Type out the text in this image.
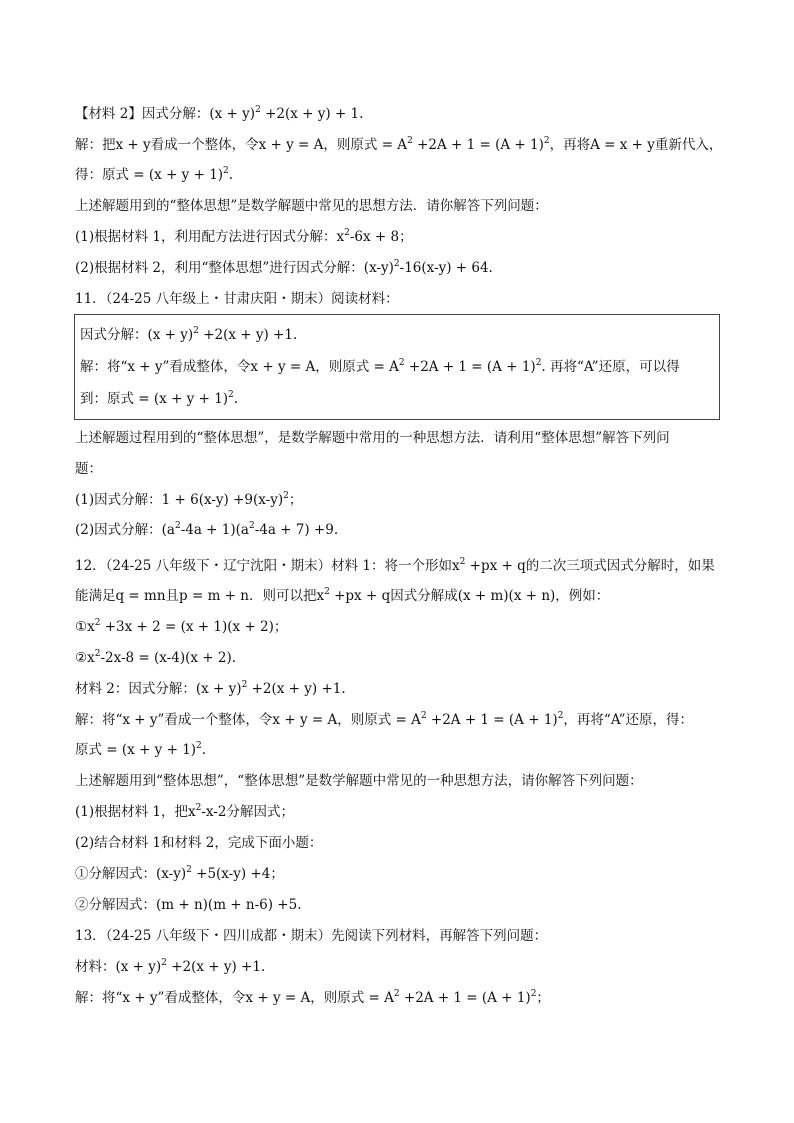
【材料 2】因式分解：$(x + y)^2 +2(x + y) + 1$.
解：把x + y看成一个整体，令x + y = A，则原式 = $A^2 +2A + 1 = (A + 1)^2$，再将A = x + y重新代入，
得：原式 = $(x + y + 1)^2$.
上述解题用到的“整体思想”是数学解题中常见的思想方法．请你解答下列问题：
(1)根据材料 1，利用配方法进行因式分解：$x^2-6x + 8$；
(2)根据材料 2，利用“整体思想”进行因式分解：$(x-y)^2-16(x-y) + 64$.
11．（24-25 八年级上・甘肃庆阳・期末）阅读材料：
因式分解：$(x + y)^2 +2(x + y) +1$.
解：将“x + y”看成整体，令x + y = A，则原式 = $A^2 +2A + 1 = (A + 1)^2$. 再将“A”还原，可以得
到：原式 = $(x + y + 1)^2$.
上述解题过程用到的“整体思想”，是数学解题中常用的一种思想方法．请利用“整体思想”解答下列问
题：
(1)因式分解：$1 + 6(x-y) +9(x-y)^2$；
(2)因式分解：$(a^2-4a + 1)(a^2-4a + 7) +9$.
12．（24-25 八年级下・辽宁沈阳・期末）材料 1：将一个形如$x^2 +px + q$的二次三项式因式分解时，如果
能满足q = mn且p = m + n．则可以把$x^2 +px + q$因式分解成(x + m)(x + n)，例如：
$①x^2 +3x + 2 = (x + 1)(x + 2)$；
$②x^2-2x-8 = (x-4)(x + 2)$.
材料 2：因式分解：$(x + y)^2 +2(x + y) +1$.
解：将“x + y”看成一个整体，令x + y = A，则原式 = $A^2 +2A + 1 = (A + 1)^2$，再将“A”还原，得：
原式 = $(x + y + 1)^2$.
上述解题用到“整体思想”，“整体思想”是数学解题中常见的一种思想方法，请你解答下列问题：
(1)根据材料 1，把$x^2-x-2$分解因式；
(2)结合材料 1和材料 2，完成下面小题：
①分解因式：$(x-y)^2 +5(x-y) +4$；
②分解因式：(m + n)(m + n-6) +5.
13．（24-25 八年级下・四川成都・期末）先阅读下列材料，再解答下列问题：
材料：$(x + y)^2 +2(x + y) +1$.
解：将“x + y”看成整体，令x + y = A，则原式 = $A^2 +2A + 1 = (A + 1)^2$；
